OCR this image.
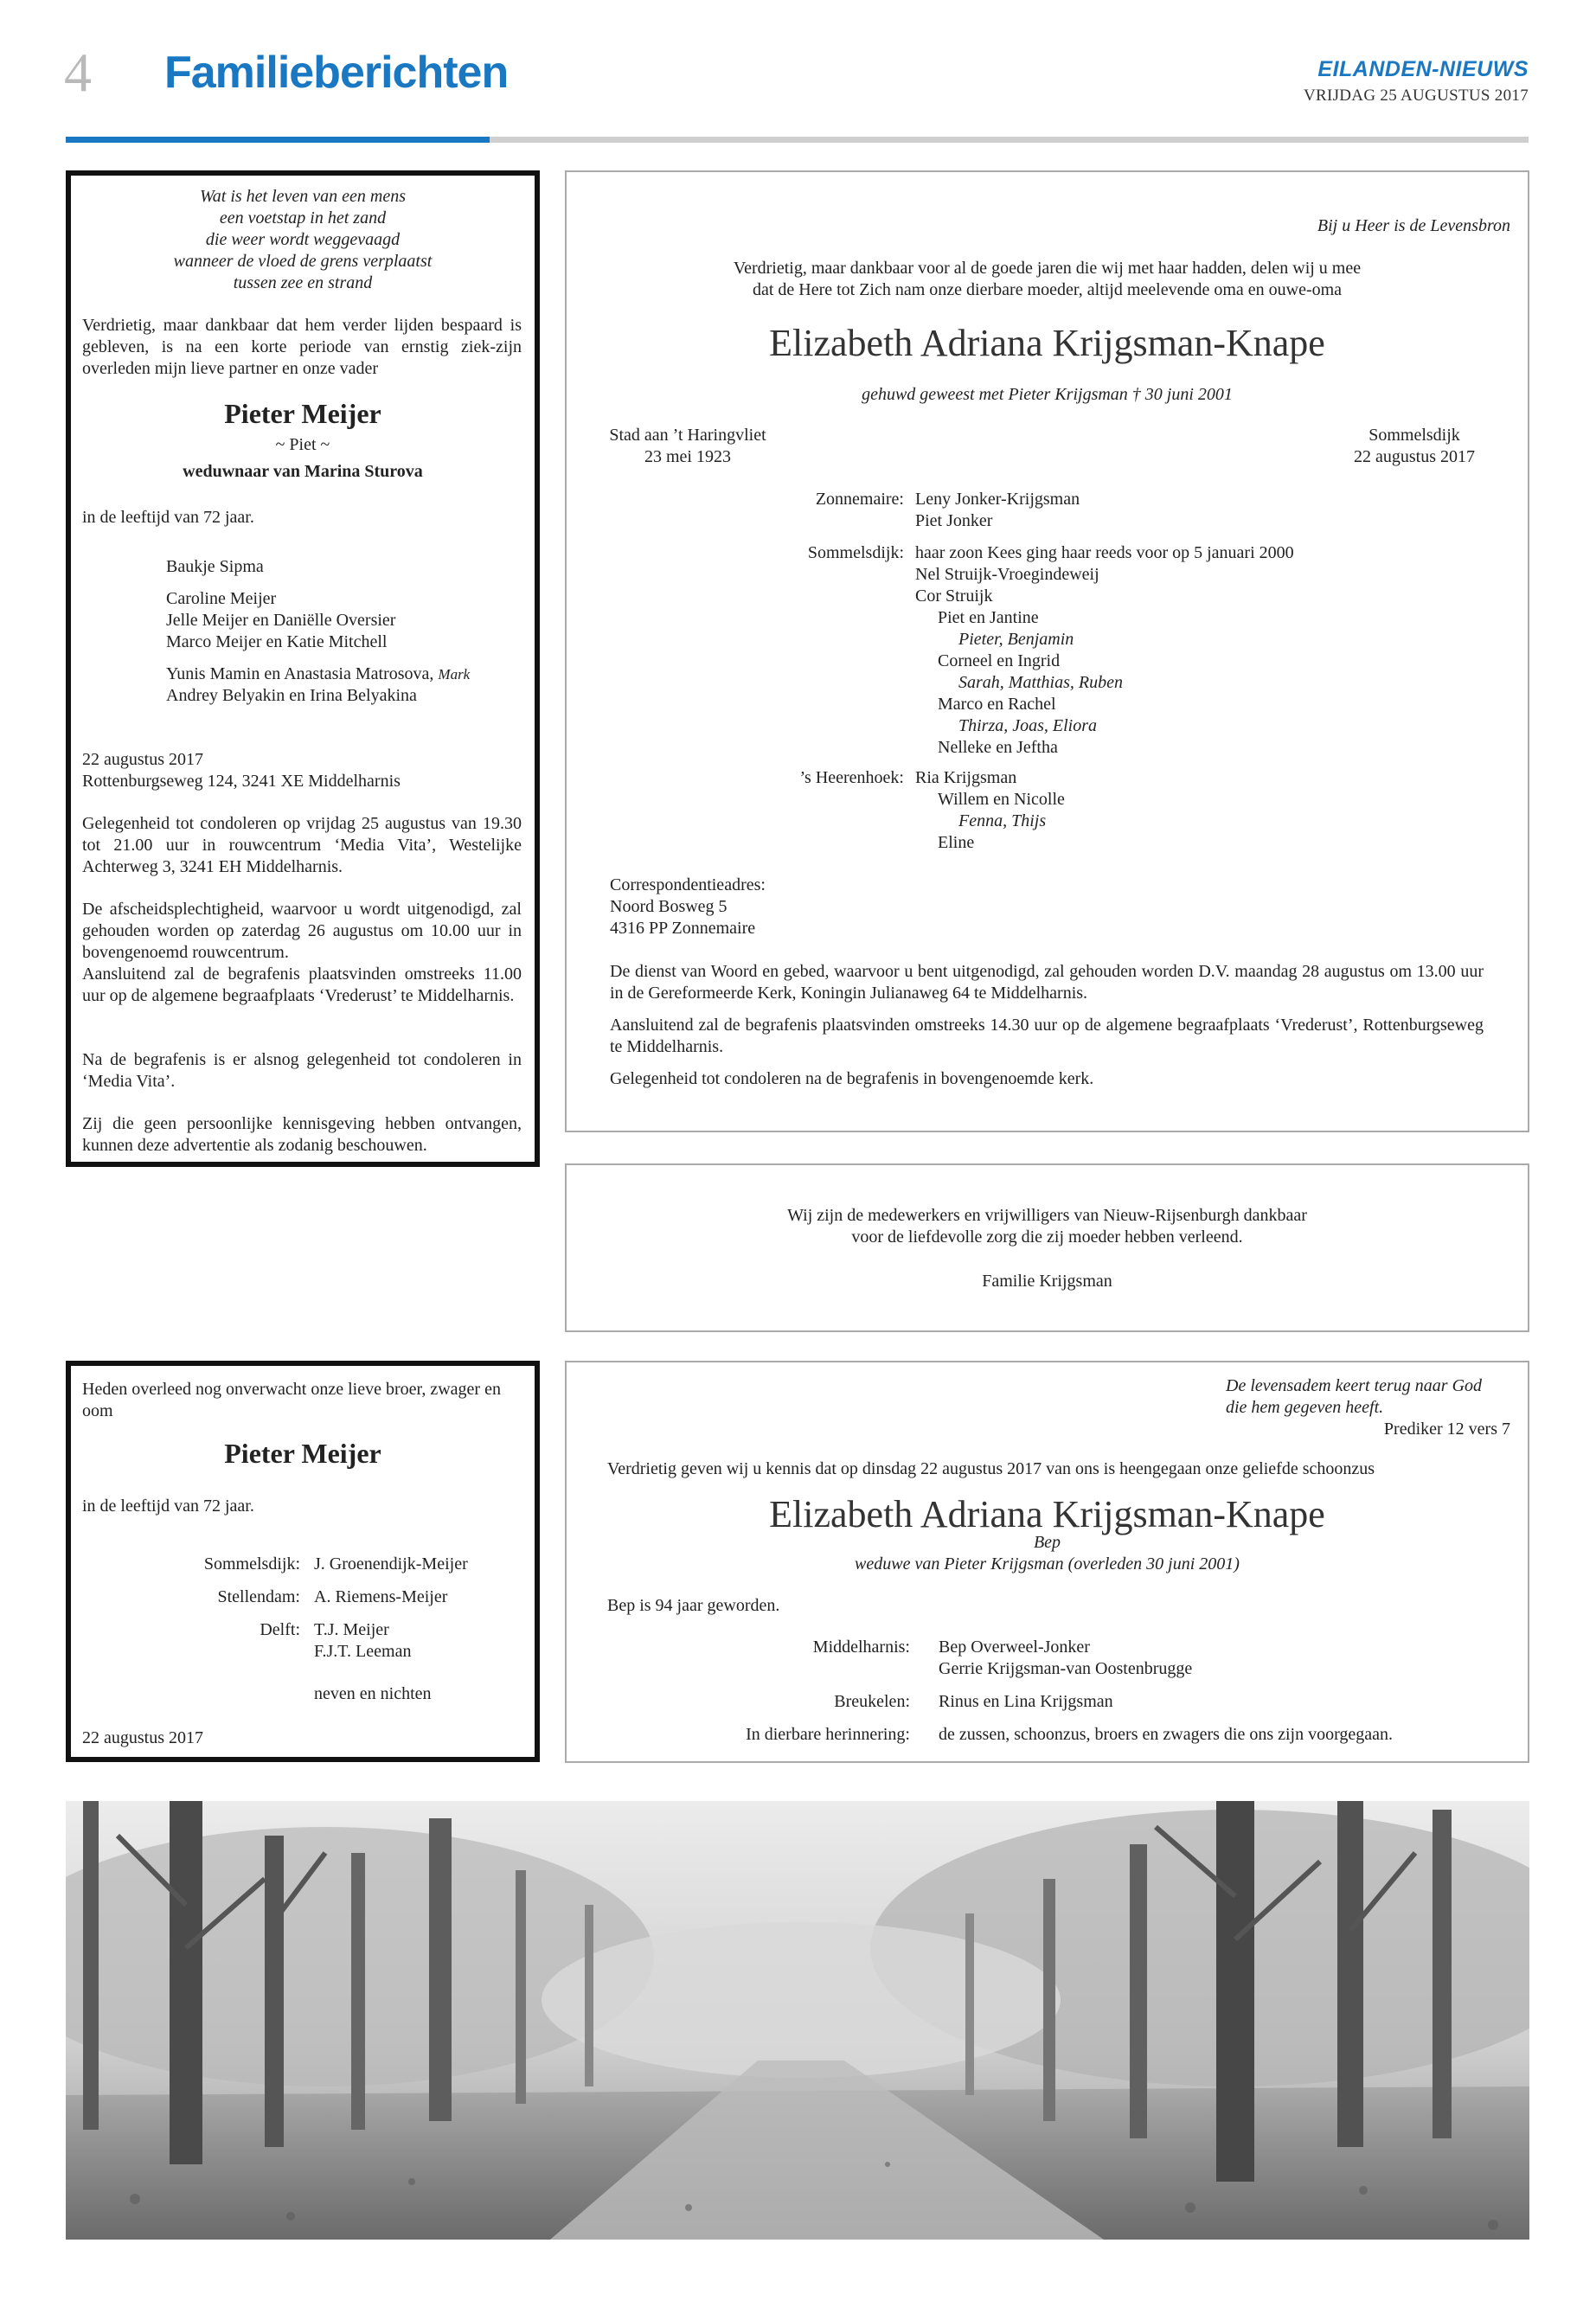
4 Familieberichten	EILANDEN-NIEUWS
VRIJDAG 25 AUGUSTUS 2017
Wat is het leven van een mens
een voetstap in het zand
die weer wordt weggevaagd
wanneer de vloed de grens verplaatst
tussen zee en strand
Verdrietig, maar dankbaar dat hem verder lijden bespaard is gebleven, is na een korte periode van ernstig ziek-zijn overleden mijn lieve partner en onze vader
Pieter Meijer
~ Piet ~
weduwnaar van Marina Sturova
in de leeftijd van 72 jaar.
Baukje Sipma
Caroline Meijer
Jelle Meijer en Daniëlle Oversier
Marco Meijer en Katie Mitchell
Yunis Mamin en Anastasia Matrosova, Mark
Andrey Belyakin en Irina Belyakina
22 augustus 2017
Rottenburgseweg 124, 3241 XE Middelharnis
Gelegenheid tot condoleren op vrijdag 25 augustus van 19.30 tot 21.00 uur in rouwcentrum ‘Media Vita’, Westelijke Achterweg 3, 3241 EH Middelharnis.
De afscheidsplechtigheid, waarvoor u wordt uitgenodigd, zal gehouden worden op zaterdag 26 augustus om 10.00 uur in bovengenoemd rouwcentrum.
Aansluitend zal de begrafenis plaatsvinden omstreeks 11.00 uur op de algemene begraafplaats ‘Vrederust’ te Middelharnis.
Na de begrafenis is er alsnog gelegenheid tot condoleren in ‘Media Vita’.
Zij die geen persoonlijke kennisgeving hebben ontvangen, kunnen deze advertentie als zodanig beschouwen.
Bij u Heer is de Levensbron
Verdrietig, maar dankbaar voor al de goede jaren die wij met haar hadden, delen wij u mee
dat de Here tot Zich nam onze dierbare moeder, altijd meelevende oma en ouwe-oma
Elizabeth Adriana Krijgsman-Knape
gehuwd geweest met Pieter Krijgsman † 30 juni 2001
Stad aan ’t Haringvliet
23 mei 1923
Sommelsdijk
22 augustus 2017
Zonnemaire: Leny Jonker-Krijgsman
Piet Jonker
Sommelsdijk: haar zoon Kees ging haar reeds voor op 5 januari 2000
Nel Struijk-Vroegindeweij
Cor Struijk
Piet en Jantine
Pieter, Benjamin
Corneel en Ingrid
Sarah, Matthias, Ruben
Marco en Rachel
Thirza, Joas, Eliora
Nelleke en Jeftha
’s Heerenhoek: Ria Krijgsman
Willem en Nicolle
Fenna, Thijs
Eline
Correspondentieadres:
Noord Bosweg 5
4316 PP Zonnemaire
De dienst van Woord en gebed, waarvoor u bent uitgenodigd, zal gehouden worden D.V. maandag 28 augustus om 13.00 uur in de Gereformeerde Kerk, Koningin Julianaweg 64 te Middelharnis.
Aansluitend zal de begrafenis plaatsvinden omstreeks 14.30 uur op de algemene begraafplaats ‘Vrederust’, Rottenburgseweg te Middelharnis.
Gelegenheid tot condoleren na de begrafenis in bovengenoemde kerk.
Wij zijn de medewerkers en vrijwilligers van Nieuw-Rijsenburgh dankbaar
voor de liefdevolle zorg die zij moeder hebben verleend.
Familie Krijgsman
Heden overleed nog onverwacht onze lieve broer, zwager en oom
Pieter Meijer
in de leeftijd van 72 jaar.
Sommelsdijk: J. Groenendijk-Meijer
Stellendam: A. Riemens-Meijer
Delft: T.J. Meijer
F.J.T. Leeman
neven en nichten
22 augustus 2017
De levensadem keert terug naar God
die hem gegeven heeft.
Prediker 12 vers 7
Verdrietig geven wij u kennis dat op dinsdag 22 augustus 2017 van ons is heengegaan onze geliefde schoonzus
Elizabeth Adriana Krijgsman-Knape
Bep
weduwe van Pieter Krijgsman (overleden 30 juni 2001)
Bep is 94 jaar geworden.
Middelharnis: Bep Overweel-Jonker
Gerrie Krijgsman-van Oostenbrugge
Breukelen: Rinus en Lina Krijgsman
In dierbare herinnering: de zussen, schoonzus, broers en zwagers die ons zijn voorgegaan.
